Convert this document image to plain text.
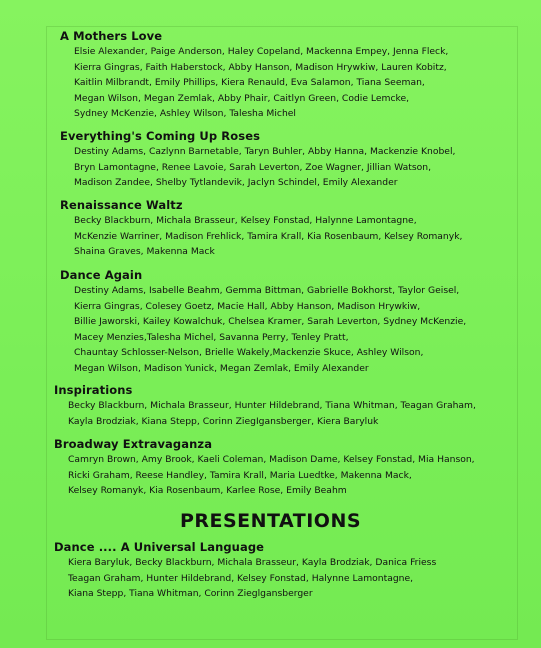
A Mothers Love
Elsie Alexander, Paige Anderson, Haley Copeland, Mackenna Empey, Jenna Fleck,
Kierra Gingras, Faith Haberstock, Abby Hanson, Madison Hrywkiw, Lauren Kobitz,
Kaitlin Milbrandt, Emily Phillips, Kiera Renauld, Eva Salamon, Tiana Seeman,
Megan Wilson, Megan Zemlak, Abby Phair, Caitlyn Green, Codie Lemcke,
Sydney McKenzie, Ashley Wilson, Talesha Michel
Everything's Coming Up Roses
Destiny Adams, Cazlynn Barnetable, Taryn Buhler, Abby Hanna, Mackenzie Knobel,
Bryn Lamontagne, Renee Lavoie, Sarah Leverton, Zoe Wagner, Jillian Watson,
Madison Zandee, Shelby Tytlandevik, Jaclyn Schindel, Emily Alexander
Renaissance Waltz
Becky Blackburn, Michala Brasseur, Kelsey Fonstad, Halynne Lamontagne,
McKenzie Warriner, Madison Frehlick, Tamira Krall, Kia Rosenbaum, Kelsey Romanyk,
Shaina Graves, Makenna Mack
Dance Again
Destiny Adams, Isabelle Beahm, Gemma Bittman, Gabrielle Bokhorst, Taylor Geisel,
Kierra Gingras, Colesey Goetz, Macie Hall, Abby Hanson, Madison Hrywkiw,
Billie Jaworski, Kailey Kowalchuk, Chelsea Kramer, Sarah Leverton, Sydney McKenzie,
Macey Menzies,Talesha Michel, Savanna Perry, Tenley Pratt,
Chauntay Schlosser-Nelson, Brielle Wakely,Mackenzie Skuce, Ashley Wilson,
Megan Wilson, Madison Yunick, Megan Zemlak, Emily Alexander
Inspirations
Becky Blackburn, Michala Brasseur, Hunter Hildebrand, Tiana Whitman, Teagan Graham,
Kayla Brodziak, Kiana Stepp, Corinn ZiegIgansberger, Kiera Baryluk
Broadway Extravaganza
Camryn Brown, Amy Brook, Kaeli Coleman, Madison Dame, Kelsey Fonstad, Mia Hanson,
Ricki Graham, Reese Handley, Tamira Krall, Maria Luedtke, Makenna Mack,
Kelsey Romanyk, Kia Rosenbaum, Karlee Rose, Emily Beahm
PRESENTATIONS
Dance .... A Universal Language
Kiera Baryluk, Becky Blackburn, Michala Brasseur, Kayla Brodziak, Danica Friess
Teagan Graham, Hunter Hildebrand, Kelsey Fonstad, Halynne Lamontagne,
Kiana Stepp, Tiana Whitman, Corinn Zieglgansberger
